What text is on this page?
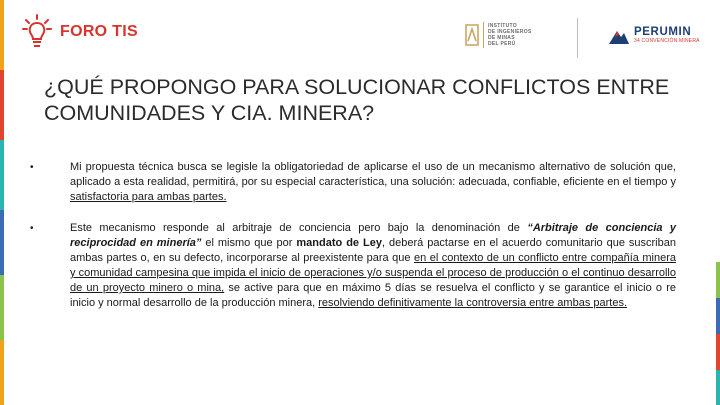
FORO TIS	INSTITUTO
DE INGENIEROS
DE MINAS
DEL PERÚ
PERUMIN
34 CONVENCIÓN MINERA
¿QUÉ PROPONGO PARA SOLUCIONAR CONFLICTOS ENTRE COMUNIDADES Y CIA. MINERA?
•	Mi propuesta técnica busca se legisle la obligatoriedad de aplicarse el uso de un mecanismo alternativo de solución que, aplicado a esta realidad, permitirá, por su especial característica, una solución: adecuada, confiable, eficiente en el tiempo y satisfactoria para ambas partes.
•	Este mecanismo responde al arbitraje de conciencia pero bajo la denominación de “Arbitraje de conciencia y reciprocidad en minería” el mismo que por mandato de Ley, deberá pactarse en el acuerdo comunitario que suscriban ambas partes o, en su defecto, incorporarse al preexistente para que en el contexto de un conflicto entre compañía minera y comunidad campesina que impida el inicio de operaciones y/o suspenda el proceso de producción o el continuo desarrollo de un proyecto minero o mina, se active para que en máximo 5 días se resuelva el conflicto y se garantice el inicio o re inicio y normal desarrollo de la producción minera, resolviendo definitivamente la controversia entre ambas partes.
